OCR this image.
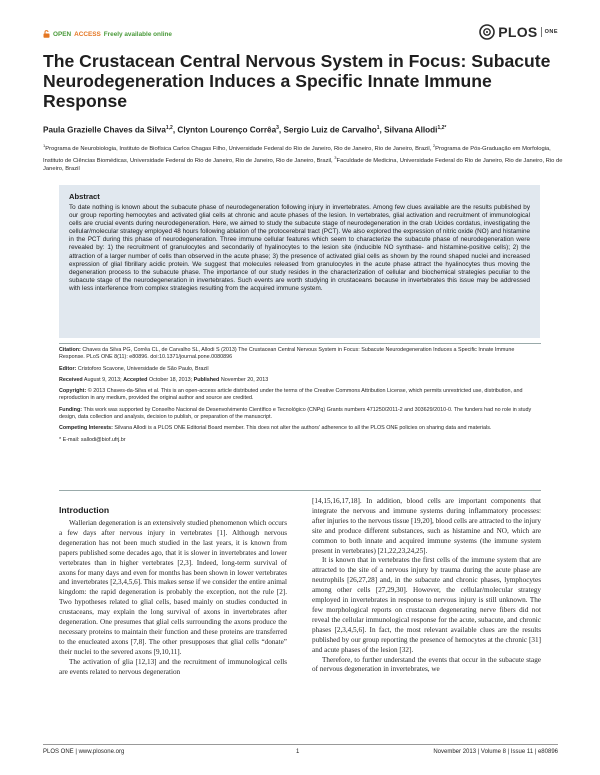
OPEN ACCESS Freely available online	PLOS	ONE
The Crustacean Central Nervous System in Focus: Subacute Neurodegeneration Induces a Specific Innate Immune Response
Paula Grazielle Chaves da Silva$^{1,2}$, Clynton Lourenço Corrêa$^3$, Sergio Luiz de Carvalho$^1$, Silvana Allodi$^{1,2*}$
$^1$Programa de Neurobiologia, Instituto de Biofísica Carlos Chagas Filho, Universidade Federal do Rio de Janeiro, Rio de Janeiro, Rio de Janeiro, Brazil, $^2$Programa de Pós-Graduação em Morfologia, Instituto de Ciências Biomédicas, Universidade Federal do Rio de Janeiro, Rio de Janeiro, Rio de Janeiro, Brazil, $^3$Faculdade de Medicina, Universidade Federal do Rio de Janeiro, Rio de Janeiro, Rio de Janeiro, Brazil
Abstract

To date nothing is known about the subacute phase of neurodegeneration following injury in invertebrates. Among few clues available are the results published by our group reporting hemocytes and activated glial cells at chronic and acute phases of the lesion. In vertebrates, glial activation and recruitment of immunological cells are crucial events during neurodegeneration. Here, we aimed to study the subacute stage of neurodegeneration in the crab Ucides cordatus, investigating the cellular/molecular strategy employed 48 hours following ablation of the protocerebral tract (PCT). We also explored the expression of nitric oxide (NO) and histamine in the PCT during this phase of neurodegeneration. Three immune cellular features which seem to characterize the subacute phase of neurodegeneration were revealed by: 1) the recruitment of granulocytes and secondarily of hyalinocytes to the lesion site (inducible NO synthase- and histamine-positive cells); 2) the attraction of a larger number of cells than observed in the acute phase; 3) the presence of activated glial cells as shown by the round shaped nuclei and increased expression of glial fibrillary acidic protein. We suggest that molecules released from granulocytes in the acute phase attract the hyalinocytes thus moving the degeneration process to the subacute phase. The importance of our study resides in the characterization of cellular and biochemical strategies peculiar to the subacute stage of the neurodegeneration in invertebrates. Such events are worth studying in crustaceans because in invertebrates this issue may be addressed with less interference from complex strategies resulting from the acquired immune system.

Citation: Chaves da Silva PG, Corrêa CL, de Carvalho SL, Allodi S (2013) The Crustacean Central Nervous System in Focus: Subacute Neurodegeneration Induces a Specific Innate Immune Response. PLoS ONE 8(11): e80896. doi:10.1371/journal.pone.0080896

Editor: Cristoforo Scavone, Universidade de São Paulo, Brazil

Received August 9, 2013; Accepted October 18, 2013; Published November 20, 2013

Copyright: © 2013 Chaves-da-Silva et al. This is an open-access article distributed under the terms of the Creative Commons Attribution License, which permits unrestricted use, distribution, and reproduction in any medium, provided the original author and source are credited.

Funding: This work was supported by Conselho Nacional de Desenvolvimento Científico e Tecnológico (CNPq) Grants numbers 471250/2011-2 and 303629/2010-0. The funders had no role in study design, data collection and analysis, decision to publish, or preparation of the manuscript.

Competing Interests: Silvana Allodi is a PLOS ONE Editorial Board member. This does not alter the authors' adherence to all the PLOS ONE policies on sharing data and materials.

* E-mail: sallodi@biof.ufrj.br

Introduction

Wallerian degeneration is an extensively studied phenomenon which occurs a few days after nervous injury in vertebrates [1]. Although nervous degeneration has not been much studied in the last years, it is known from papers published some decades ago, that it is slower in invertebrates and lower vertebrates than in higher vertebrates [2,3]. Indeed, long-term survival of axons for many days and even for months has been shown in lower vertebrates and invertebrates [2,3,4,5,6]. This makes sense if we consider the entire animal kingdom: the rapid degeneration is probably the exception, not the rule [2]. Two hypotheses related to glial cells, based mainly on studies conducted in crustaceans, may explain the long survival of axons in invertebrates after degeneration. One presumes that glial cells surrounding the axons produce the necessary proteins to maintain their function and these proteins are transferred to the enucleated axons [7,8]. The other presupposes that glial cells “donate” their nuclei to the severed axons [9,10,11].

The activation of glia [12,13] and the recruitment of immunological cells are events related to nervous degeneration

[14,15,16,17,18]. In addition, blood cells are important components that integrate the nervous and immune systems during inflammatory processes: after injuries to the nervous tissue [19,20], blood cells are attracted to the injury site and produce different substances, such as histamine and NO, which are common to both innate and acquired immune systems (the immune system present in vertebrates) [21,22,23,24,25].

It is known that in vertebrates the first cells of the immune system that are attracted to the site of a nervous injury by trauma during the acute phase are neutrophils [26,27,28] and, in the subacute and chronic phases, lymphocytes among other cells [27,29,30]. However, the cellular/molecular strategy employed in invertebrates in response to nervous injury is still unknown. The few morphological reports on crustacean degenerating nerve fibers did not reveal the cellular immunological response for the acute, subacute, and chronic phases [2,3,4,5,6]. In fact, the most relevant available clues are the results published by our group reporting the presence of hemocytes at the chronic [31] and acute phases of the lesion [32].

Therefore, to further understand the events that occur in the subacute stage of nervous degeneration in invertebrates, we

PLOS ONE | www.plosone.org	1	November 2013 | Volume 8 | Issue 11 | e80896
